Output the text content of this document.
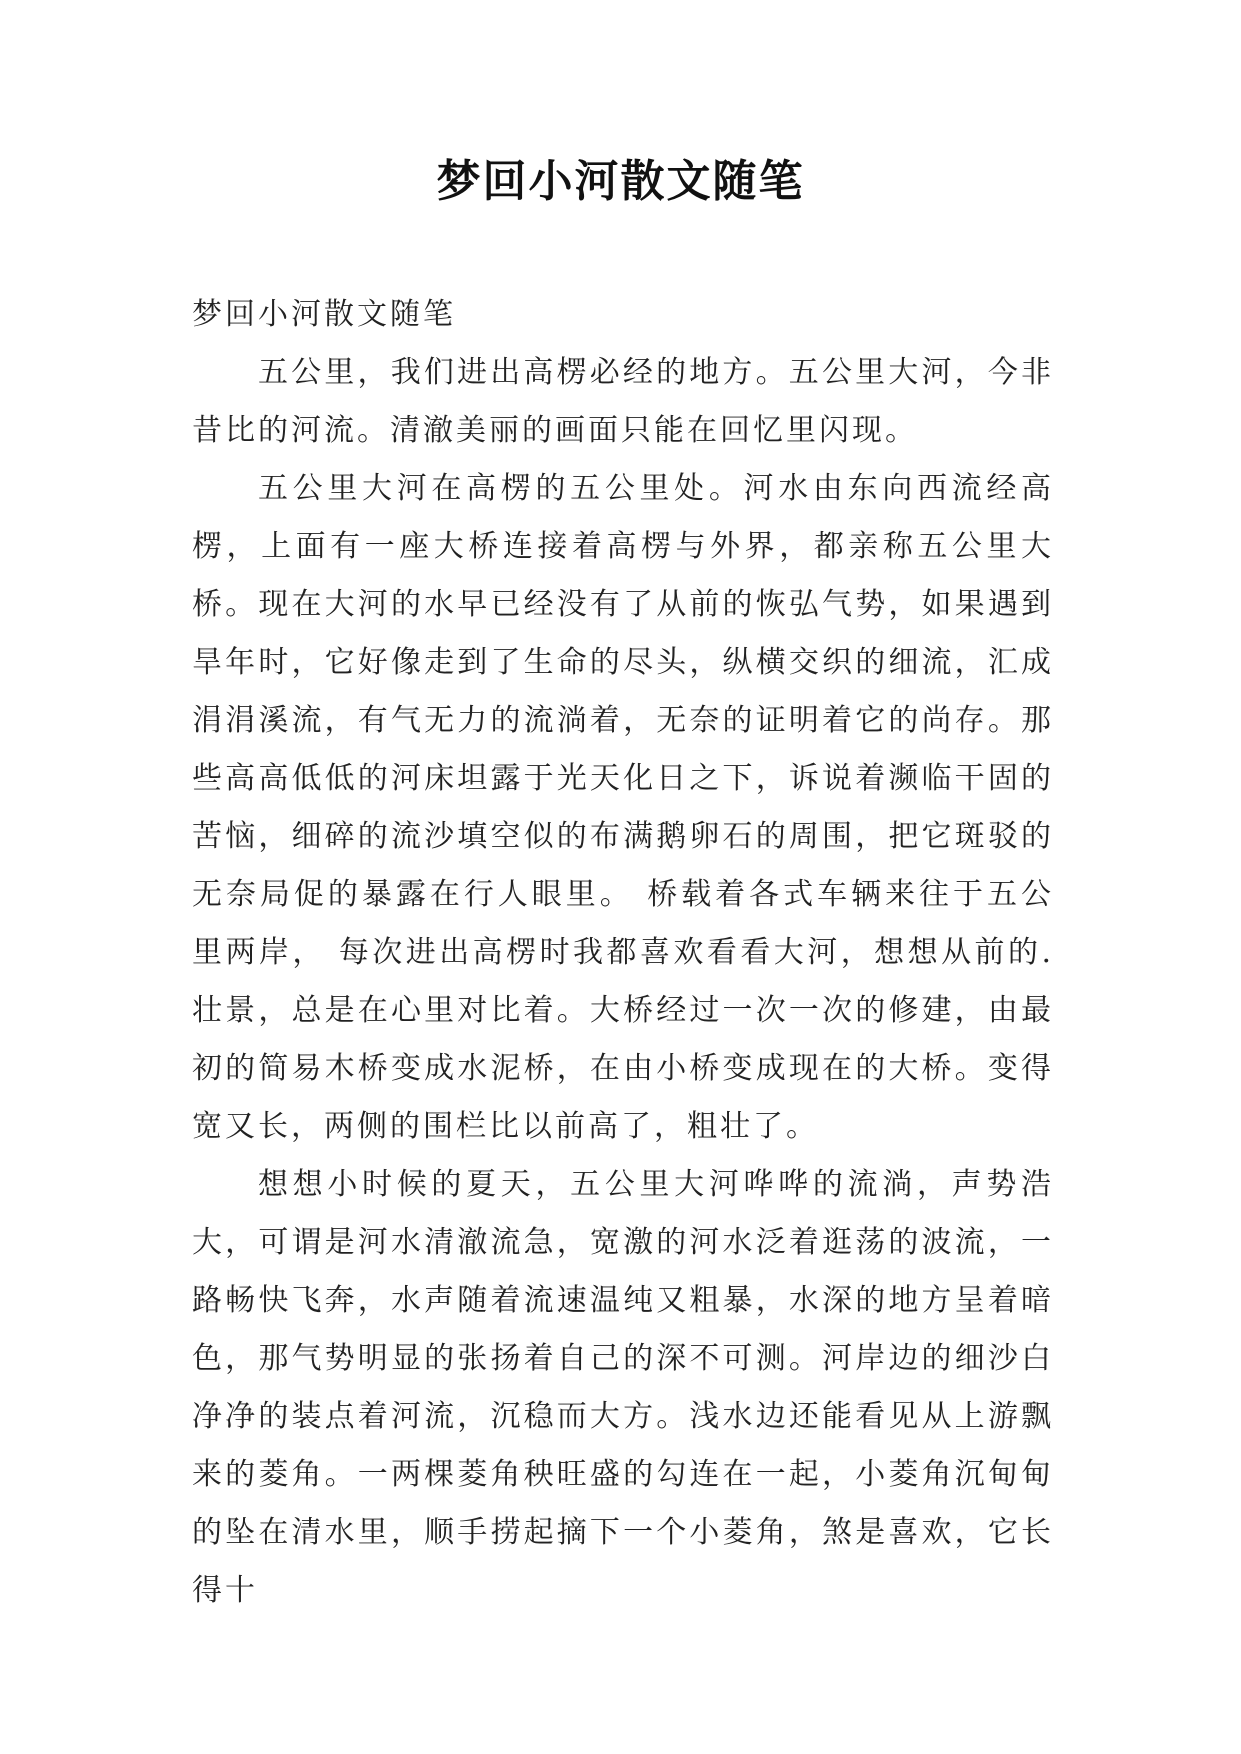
梦回小河散文随笔

梦回小河散文随笔

五公里，我们进出高楞必经的地方。五公里大河，今非昔比的河流。清澈美丽的画面只能在回忆里闪现。

五公里大河在高楞的五公里处。河水由东向西流经高楞，上面有一座大桥连接着高楞与外界，都亲称五公里大桥。现在大河的水早已经没有了从前的恢弘气势，如果遇到旱年时，它好像走到了生命的尽头，纵横交织的细流，汇成涓涓溪流，有气无力的流淌着，无奈的证明着它的尚存。那些高高低低的河床坦露于光天化日之下，诉说着濒临干固的苦恼，细碎的流沙填空似的布满鹅卵石的周围，把它斑驳的无奈局促的暴露在行人眼里。 桥载着各式车辆来往于五公里两岸， 每次进出高楞时我都喜欢看看大河，想想从前的.壮景，总是在心里对比着。大桥经过一次一次的修建，由最初的简易木桥变成水泥桥，在由小桥变成现在的大桥。变得宽又长，两侧的围栏比以前高了，粗壮了。

想想小时候的夏天，五公里大河哗哗的流淌，声势浩大，可谓是河水清澈流急，宽激的河水泛着逛荡的波流，一路畅快飞奔，水声随着流速温纯又粗暴，水深的地方呈着暗色，那气势明显的张扬着自己的深不可测。河岸边的细沙白净净的装点着河流，沉稳而大方。浅水边还能看见从上游飘来的菱角。一两棵菱角秧旺盛的勾连在一起，小菱角沉甸甸的坠在清水里，顺手捞起摘下一个小菱角，煞是喜欢，它长得十
